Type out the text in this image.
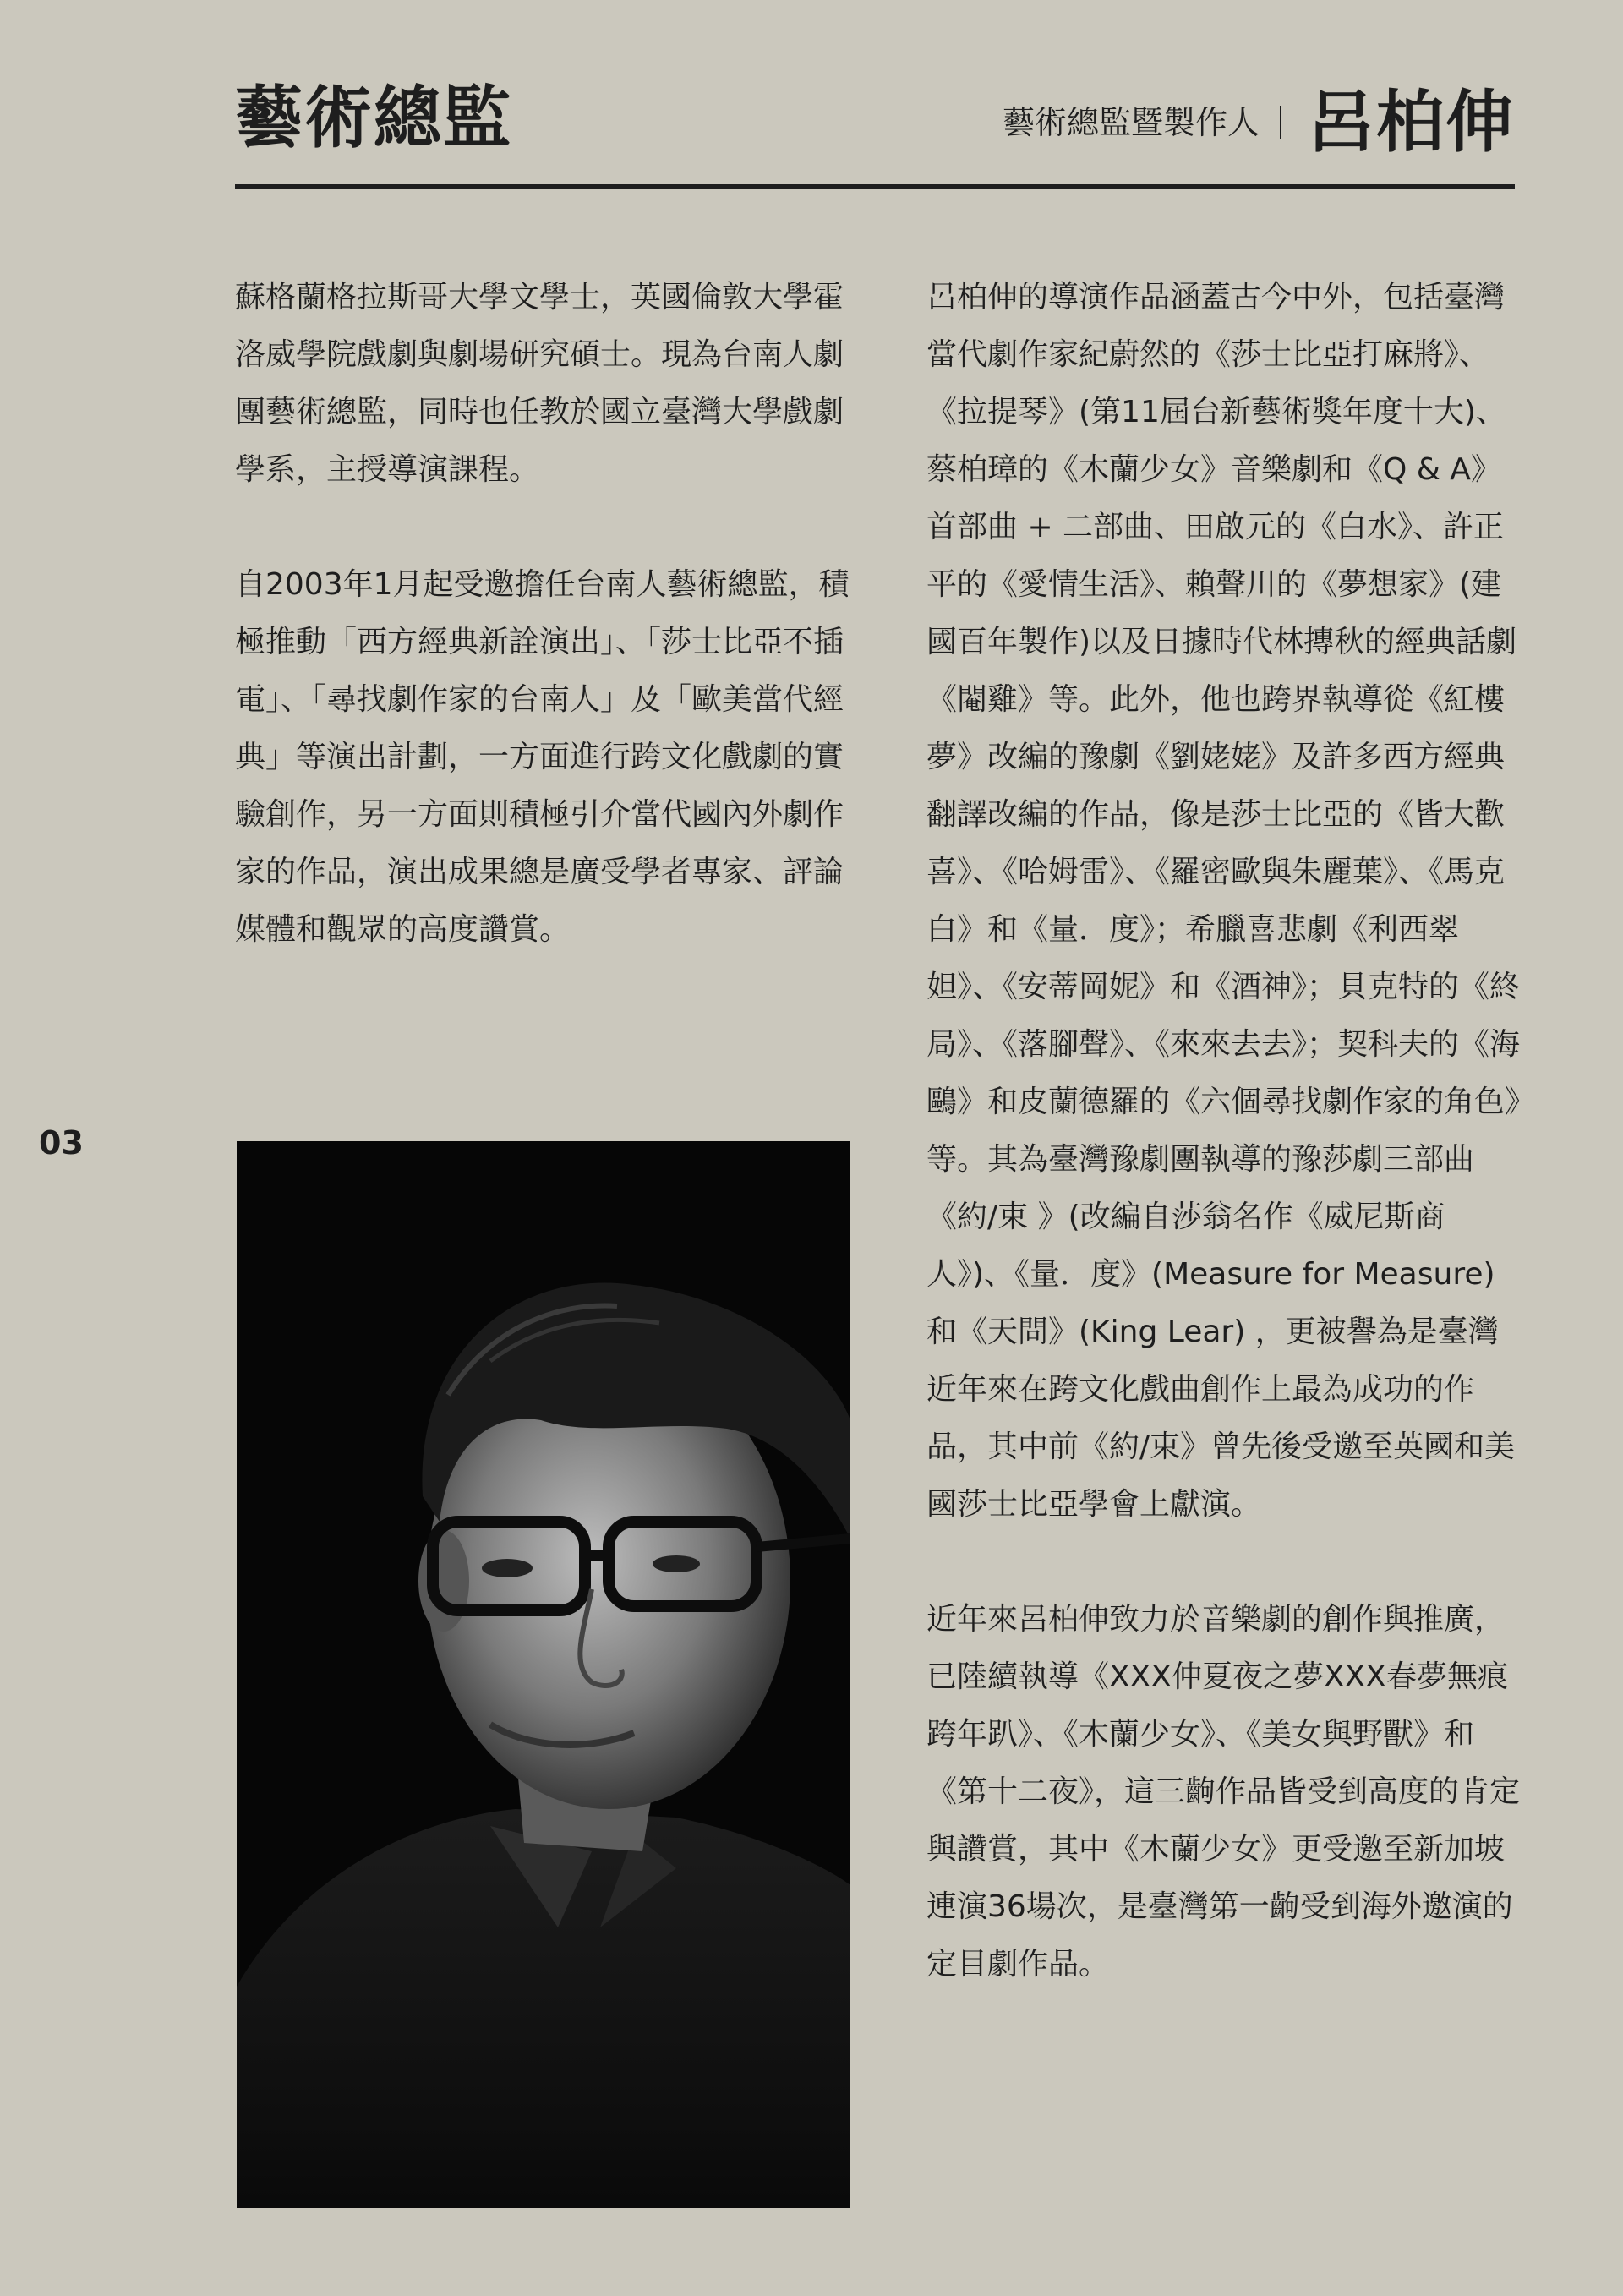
藝術總監	藝術總監暨製作人 呂柏伸
03

蘇格蘭格拉斯哥大學文學士，英國倫敦大學霍洛威學院戲劇與劇場研究碩士。現為台南人劇團藝術總監，同時也任教於國立臺灣大學戲劇學系，主授導演課程。

自2003年1月起受邀擔任台南人藝術總監，積極推動「西方經典新詮演出」、「莎士比亞不插電」、「尋找劇作家的台南人」及「歐美當代經典」等演出計劃，一方面進行跨文化戲劇的實驗創作，另一方面則積極引介當代國內外劇作家的作品，演出成果總是廣受學者專家、評論媒體和觀眾的高度讚賞。

呂柏伸的導演作品涵蓋古今中外，包括臺灣當代劇作家紀蔚然的《莎士比亞打麻將》、《拉提琴》(第11屆台新藝術獎年度十大)、蔡柏璋的《木蘭少女》音樂劇和《Q & A》首部曲 + 二部曲、田啟元的《白水》、許正平的《愛情生活》、賴聲川的《夢想家》(建國百年製作)以及日據時代林摶秋的經典話劇《閹雞》等。此外，他也跨界執導從《紅樓夢》改編的豫劇《劉姥姥》及許多西方經典翻譯改編的作品，像是莎士比亞的《皆大歡喜》、《哈姆雷》、《羅密歐與朱麗葉》、《馬克白》和《量．度》；希臘喜悲劇《利西翠妲》、《安蒂岡妮》和《酒神》；貝克特的《終局》、《落腳聲》、《來來去去》；契科夫的《海鷗》和皮蘭德羅的《六個尋找劇作家的角色》等。其為臺灣豫劇團執導的豫莎劇三部曲《約/束 》(改編自莎翁名作《威尼斯商人》)、《量．度》(Measure for Measure) 和《天問》(King Lear) ，更被譽為是臺灣近年來在跨文化戲曲創作上最為成功的作品，其中前《約/束》曾先後受邀至英國和美國莎士比亞學會上獻演。

近年來呂柏伸致力於音樂劇的創作與推廣，已陸續執導《XXX仲夏夜之夢XXX春夢無痕跨年趴》、《木蘭少女》、《美女與野獸》和《第十二夜》，這三齣作品皆受到高度的肯定與讚賞，其中《木蘭少女》更受邀至新加坡連演36場次，是臺灣第一齣受到海外邀演的定目劇作品。
